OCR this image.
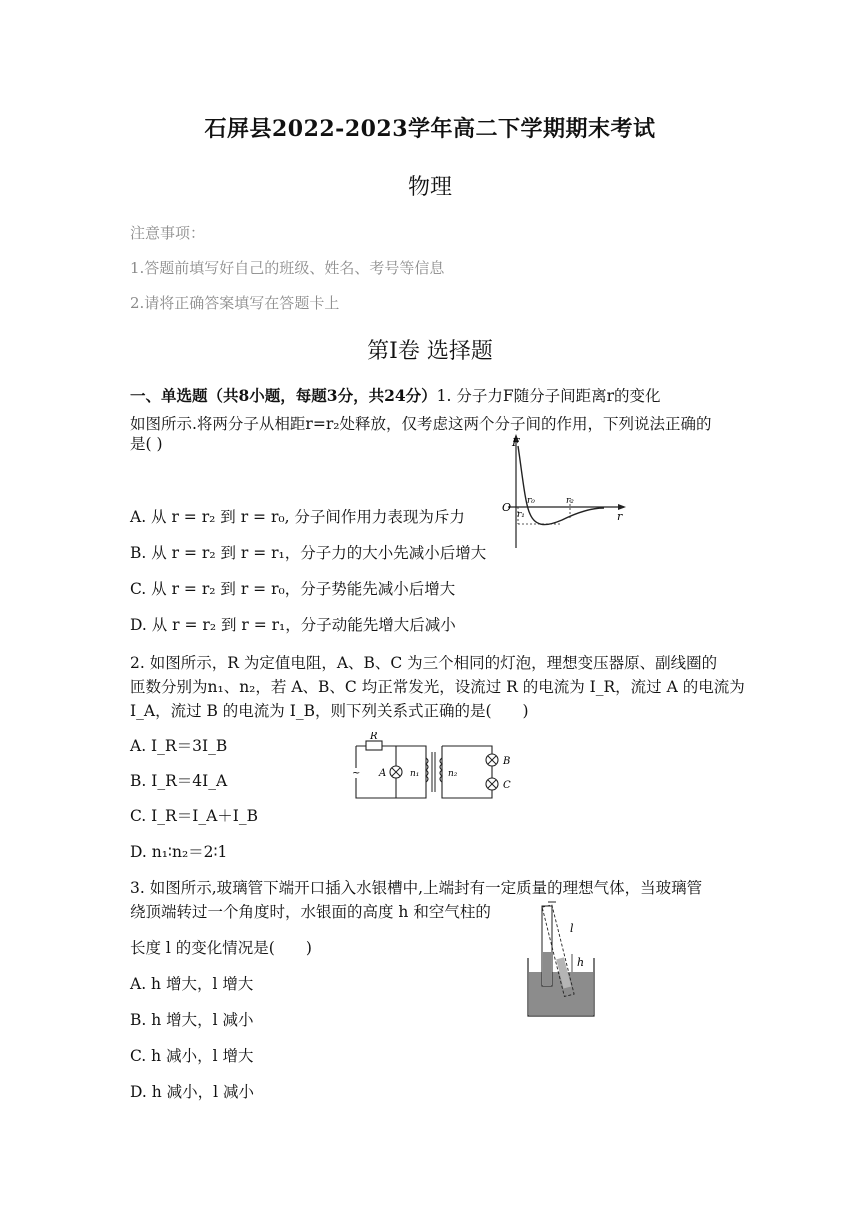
石屏县2022-2023学年高二下学期期末考试
物理
注意事项：
1.答题前填写好自己的班级、姓名、考号等信息
2.请将正确答案填写在答题卡上
第Ⅰ卷 选择题
一、单选题（共8小题，每题3分，共24分）1. 分子力F随分子间距离r的变化
如图所示.将两分子从相距r=r₂处释放，仅考虑这两个分子间的作用，下列说法正确的
是( )	F
O r₀
r₁
r₂
r
A. 从 r = r₂ 到 r = r₀, 分子间作用力表现为斥力
B. 从 r = r₂ 到 r = r₁，分子力的大小先减小后增大
C. 从 r = r₂ 到 r = r₀，分子势能先减小后增大
D. 从 r = r₂ 到 r = r₁，分子动能先增大后减小
2. 如图所示，R 为定值电阻，A、B、C 为三个相同的灯泡，理想变压器原、副线圈的
匝数分别为n₁、n₂，若 A、B、C 均正常发光，设流过 R 的电流为 I_R，流过 A 的电流为
I_A，流过 B 的电流为 I_B，则下列关系式正确的是(　　)
R
A	n₁	n₂
B
C
~
A. I_R＝3I_B
B. I_R＝4I_A
C. I_R＝I_A＋I_B
D. n₁∶n₂＝2∶1
3. 如图所示,玻璃管下端开口插入水银槽中,上端封有一定质量的理想气体，当玻璃管
绕顶端转过一个角度时，水银面的高度 h 和空气柱的
长度 l 的变化情况是(　　)
l
h
A. h 增大，l 增大
B. h 增大，l 减小
C. h 减小，l 增大
D. h 减小，l 减小
